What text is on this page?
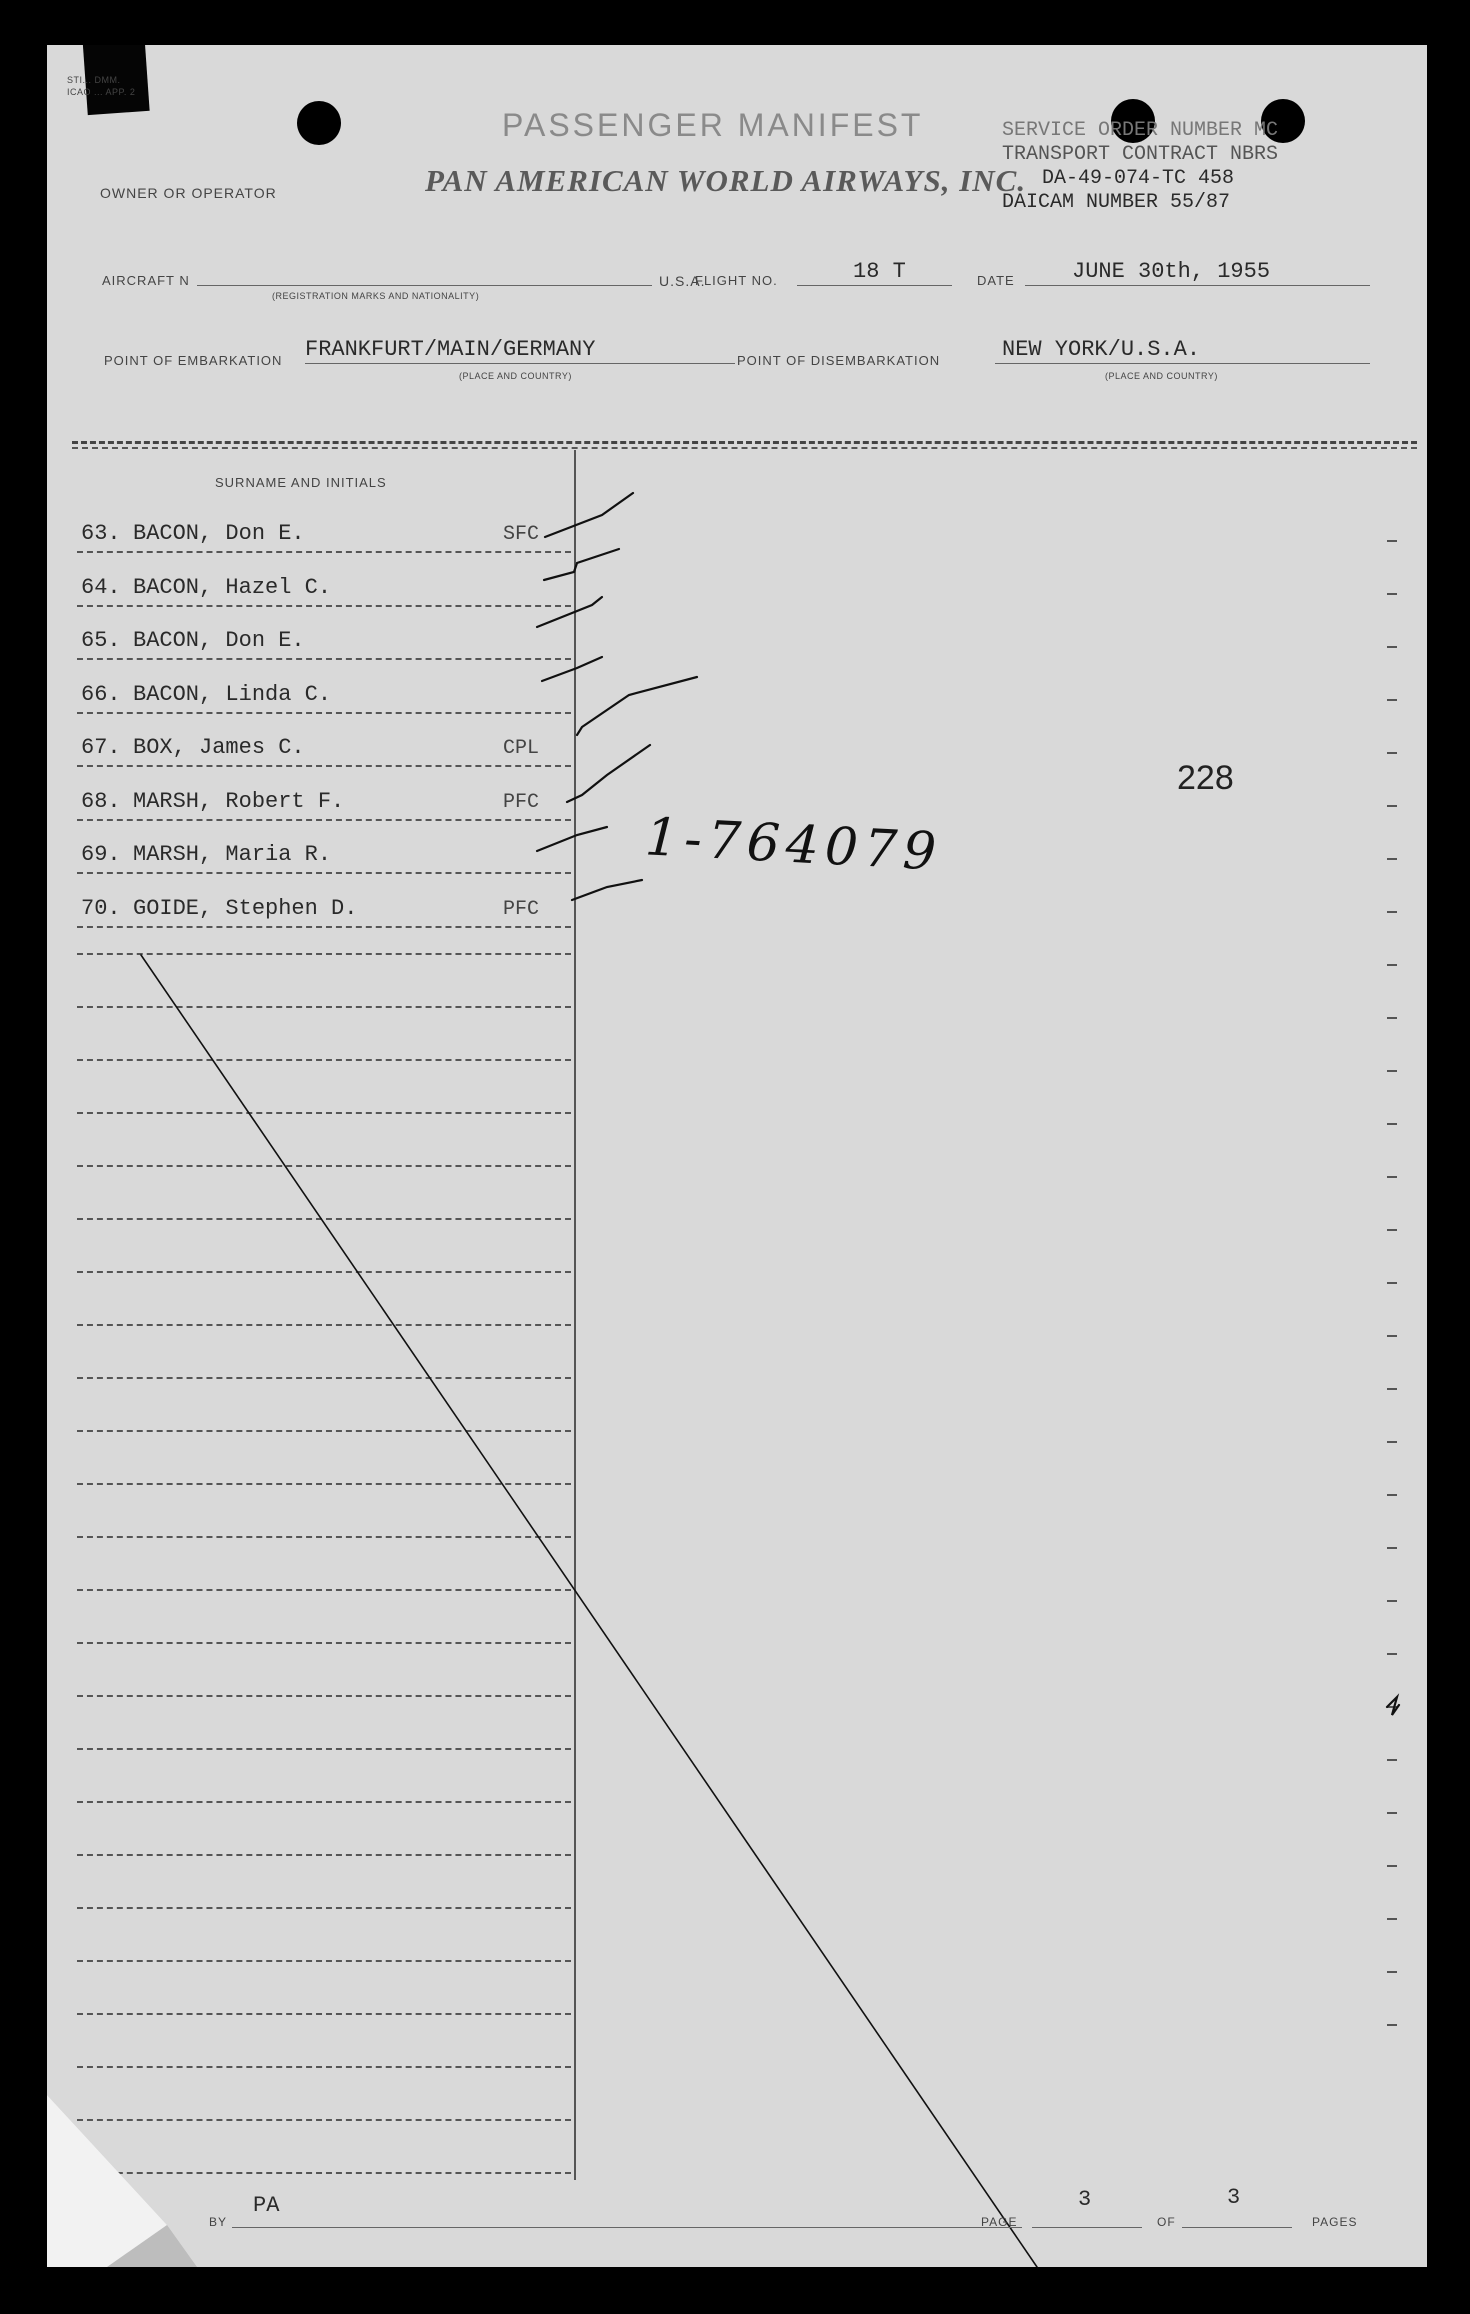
STI... DMM.
ICAO ... APP. 2
PASSENGER MANIFEST
OWNER OR OPERATOR	PAN AMERICAN WORLD AIRWAYS, INC.
SERVICE ORDER NUMBER MC
TRANSPORT CONTRACT NBRS
DA-49-074-TC 458
DAICAM NUMBER 55/87
AIRCRAFT N
(REGISTRATION MARKS AND NATIONALITY)
U.S.A.
FLIGHT NO.	18 T	DATE	JUNE 30th, 1955
POINT OF EMBARKATION FRANKFURT/MAIN/GERMANY
(PLACE AND COUNTRY)
POINT OF DISEMBARKATION	NEW YORK/U.S.A.
(PLACE AND COUNTRY)
SURNAME AND INITIALS
63. BACON, Don E.	SFC
64. BACON, Hazel C.
65. BACON, Don E.
66. BACON, Linda C.
67. BOX, James C.	CPL
68. MARSH, Robert F.	PFC
69. MARSH, Maria R.
70. GOIDE, Stephen D.	PFC
228
1-764079
BY
PA
PAGE
3
OF
3
PAGES
